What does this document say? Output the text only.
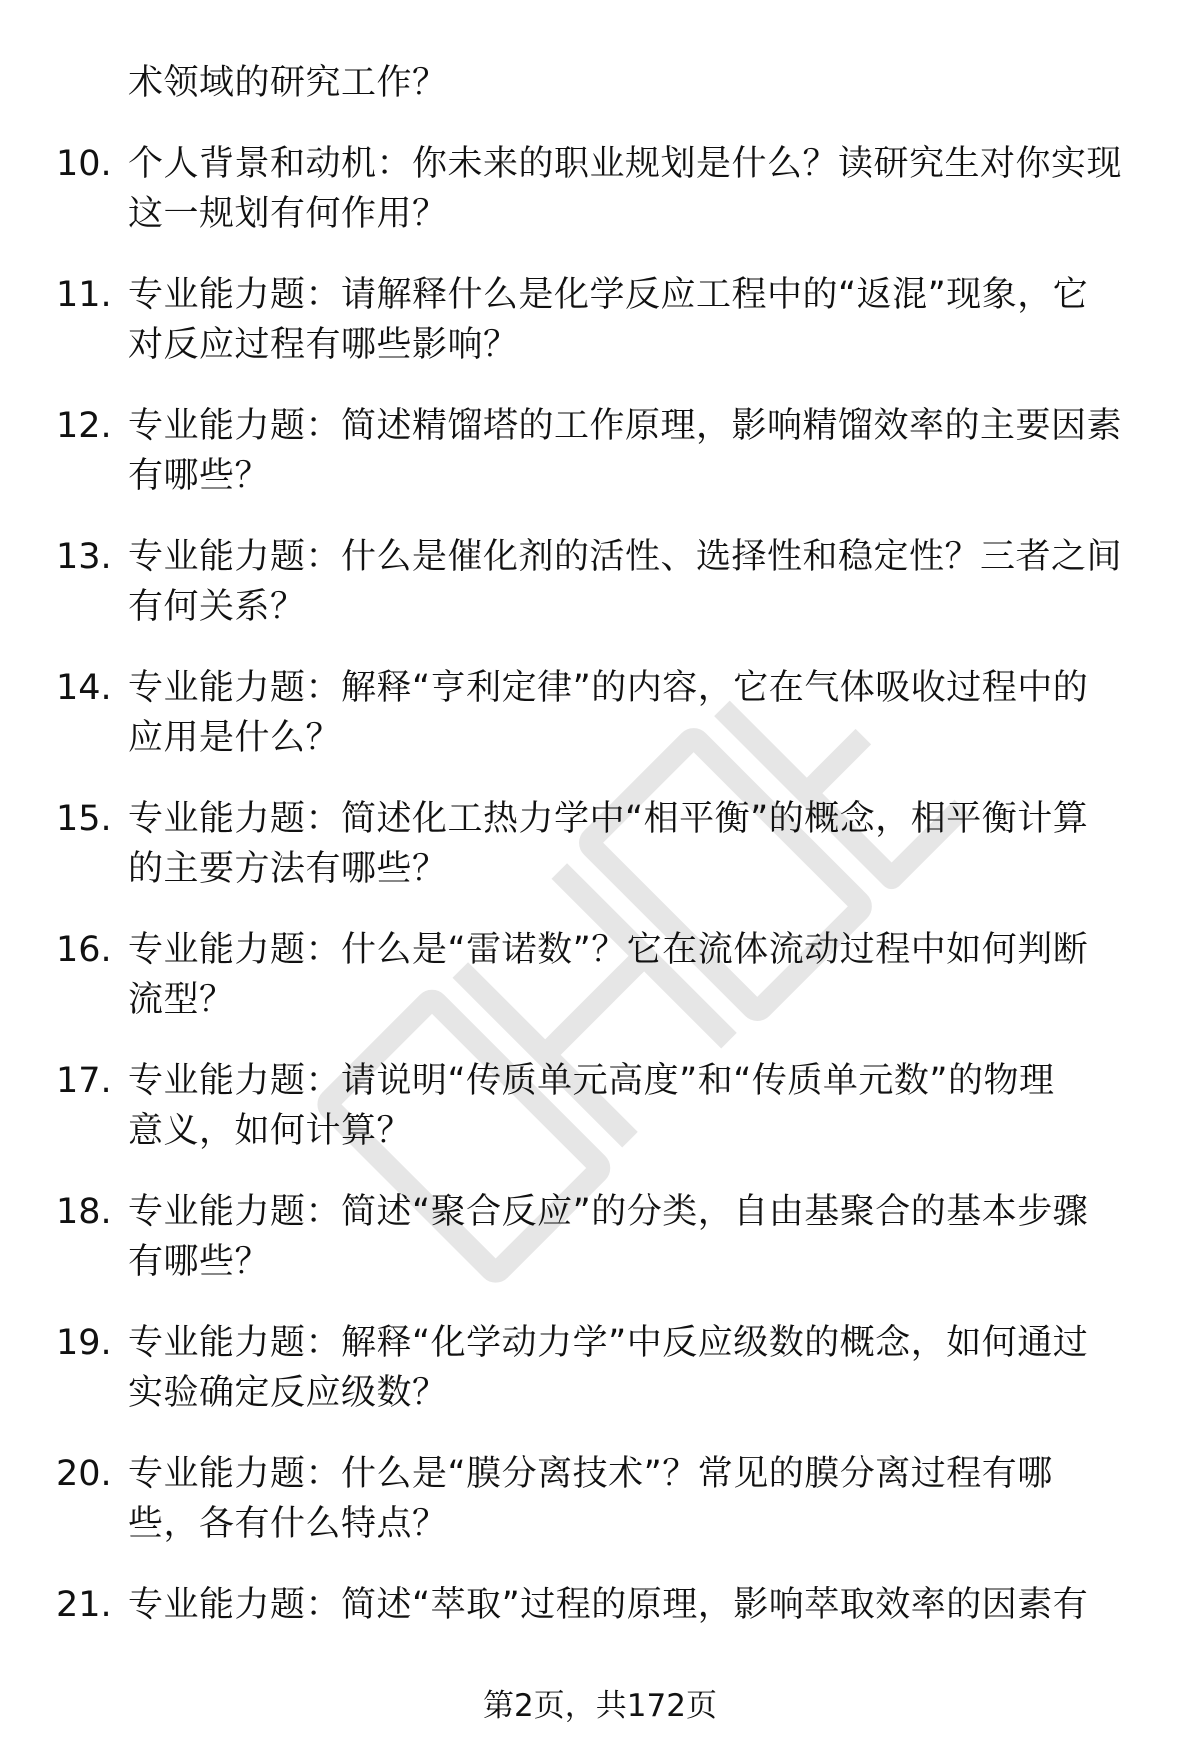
术领域的研究工作？
10. 个人背景和动机：你未来的职业规划是什么？读研究生对你实现
这一规划有何作用？
11. 专业能力题：请解释什么是化学反应工程中的“返混”现象，它
对反应过程有哪些影响？
12. 专业能力题：简述精馏塔的工作原理，影响精馏效率的主要因素
有哪些？
13. 专业能力题：什么是催化剂的活性、选择性和稳定性？三者之间
有何关系？
14. 专业能力题：解释“亨利定律”的内容，它在气体吸收过程中的
应用是什么？
15. 专业能力题：简述化工热力学中“相平衡”的概念，相平衡计算
的主要方法有哪些？
16. 专业能力题：什么是“雷诺数”？它在流体流动过程中如何判断
流型？
17. 专业能力题：请说明“传质单元高度”和“传质单元数”的物理
意义，如何计算？
18. 专业能力题：简述“聚合反应”的分类，自由基聚合的基本步骤
有哪些？
19. 专业能力题：解释“化学动力学”中反应级数的概念，如何通过
实验确定反应级数？
20. 专业能力题：什么是“膜分离技术”？常见的膜分离过程有哪
些，各有什么特点？
21. 专业能力题：简述“萃取”过程的原理，影响萃取效率的因素有
第2页，共172页
